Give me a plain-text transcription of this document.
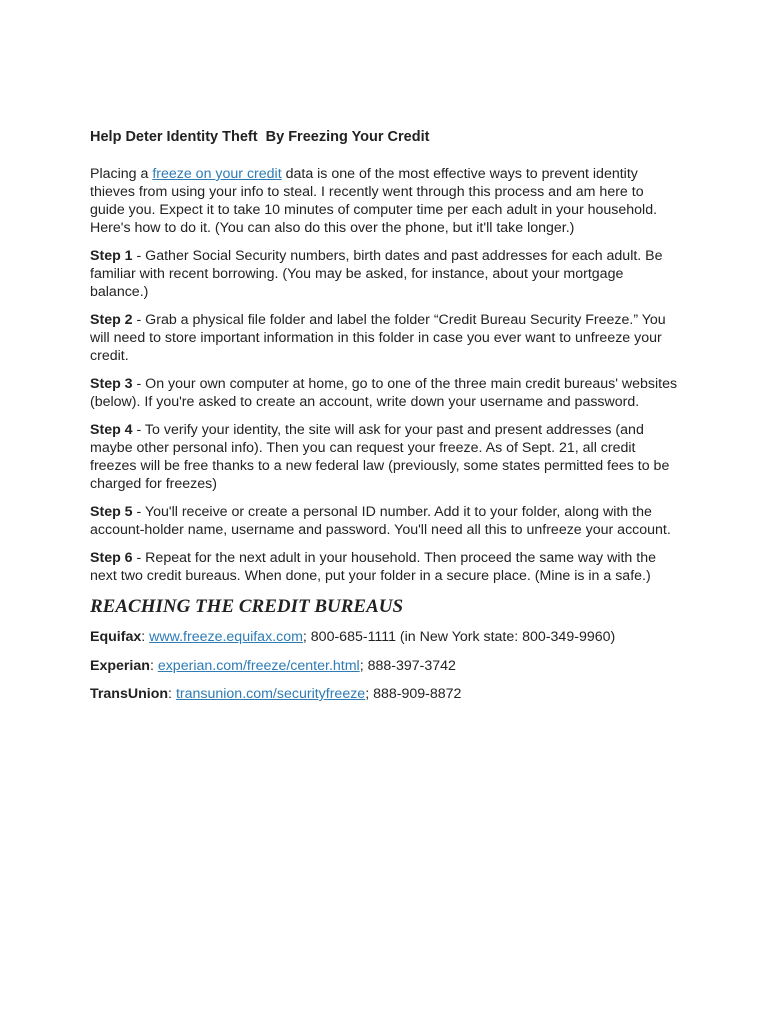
Help Deter Identity Theft  By Freezing Your Credit

Placing a freeze on your credit data is one of the most effective ways to prevent identity thieves from using your info to steal. I recently went through this process and am here to guide you. Expect it to take 10 minutes of computer time per each adult in your household. Here's how to do it. (You can also do this over the phone, but it'll take longer.)

Step 1 - Gather Social Security numbers, birth dates and past addresses for each adult. Be familiar with recent borrowing. (You may be asked, for instance, about your mortgage balance.)

Step 2 - Grab a physical file folder and label the folder “Credit Bureau Security Freeze.” You will need to store important information in this folder in case you ever want to unfreeze your credit.

Step 3 - On your own computer at home, go to one of the three main credit bureaus' websites (below). If you're asked to create an account, write down your username and password.

Step 4 - To verify your identity, the site will ask for your past and present addresses (and maybe other personal info). Then you can request your freeze. As of Sept. 21, all credit freezes will be free thanks to a new federal law (previously, some states permitted fees to be charged for freezes)

Step 5 - You'll receive or create a personal ID number. Add it to your folder, along with the account-holder name, username and password. You'll need all this to unfreeze your account.

Step 6 - Repeat for the next adult in your household. Then proceed the same way with the next two credit bureaus. When done, put your folder in a secure place. (Mine is in a safe.)

REACHING THE CREDIT BUREAUS

Equifax: www.freeze.equifax.com; 800-685-1111 (in New York state: 800-349-9960)

Experian: experian.com/freeze/center.html; 888-397-3742

TransUnion: transunion.com/securityfreeze; 888-909-8872
